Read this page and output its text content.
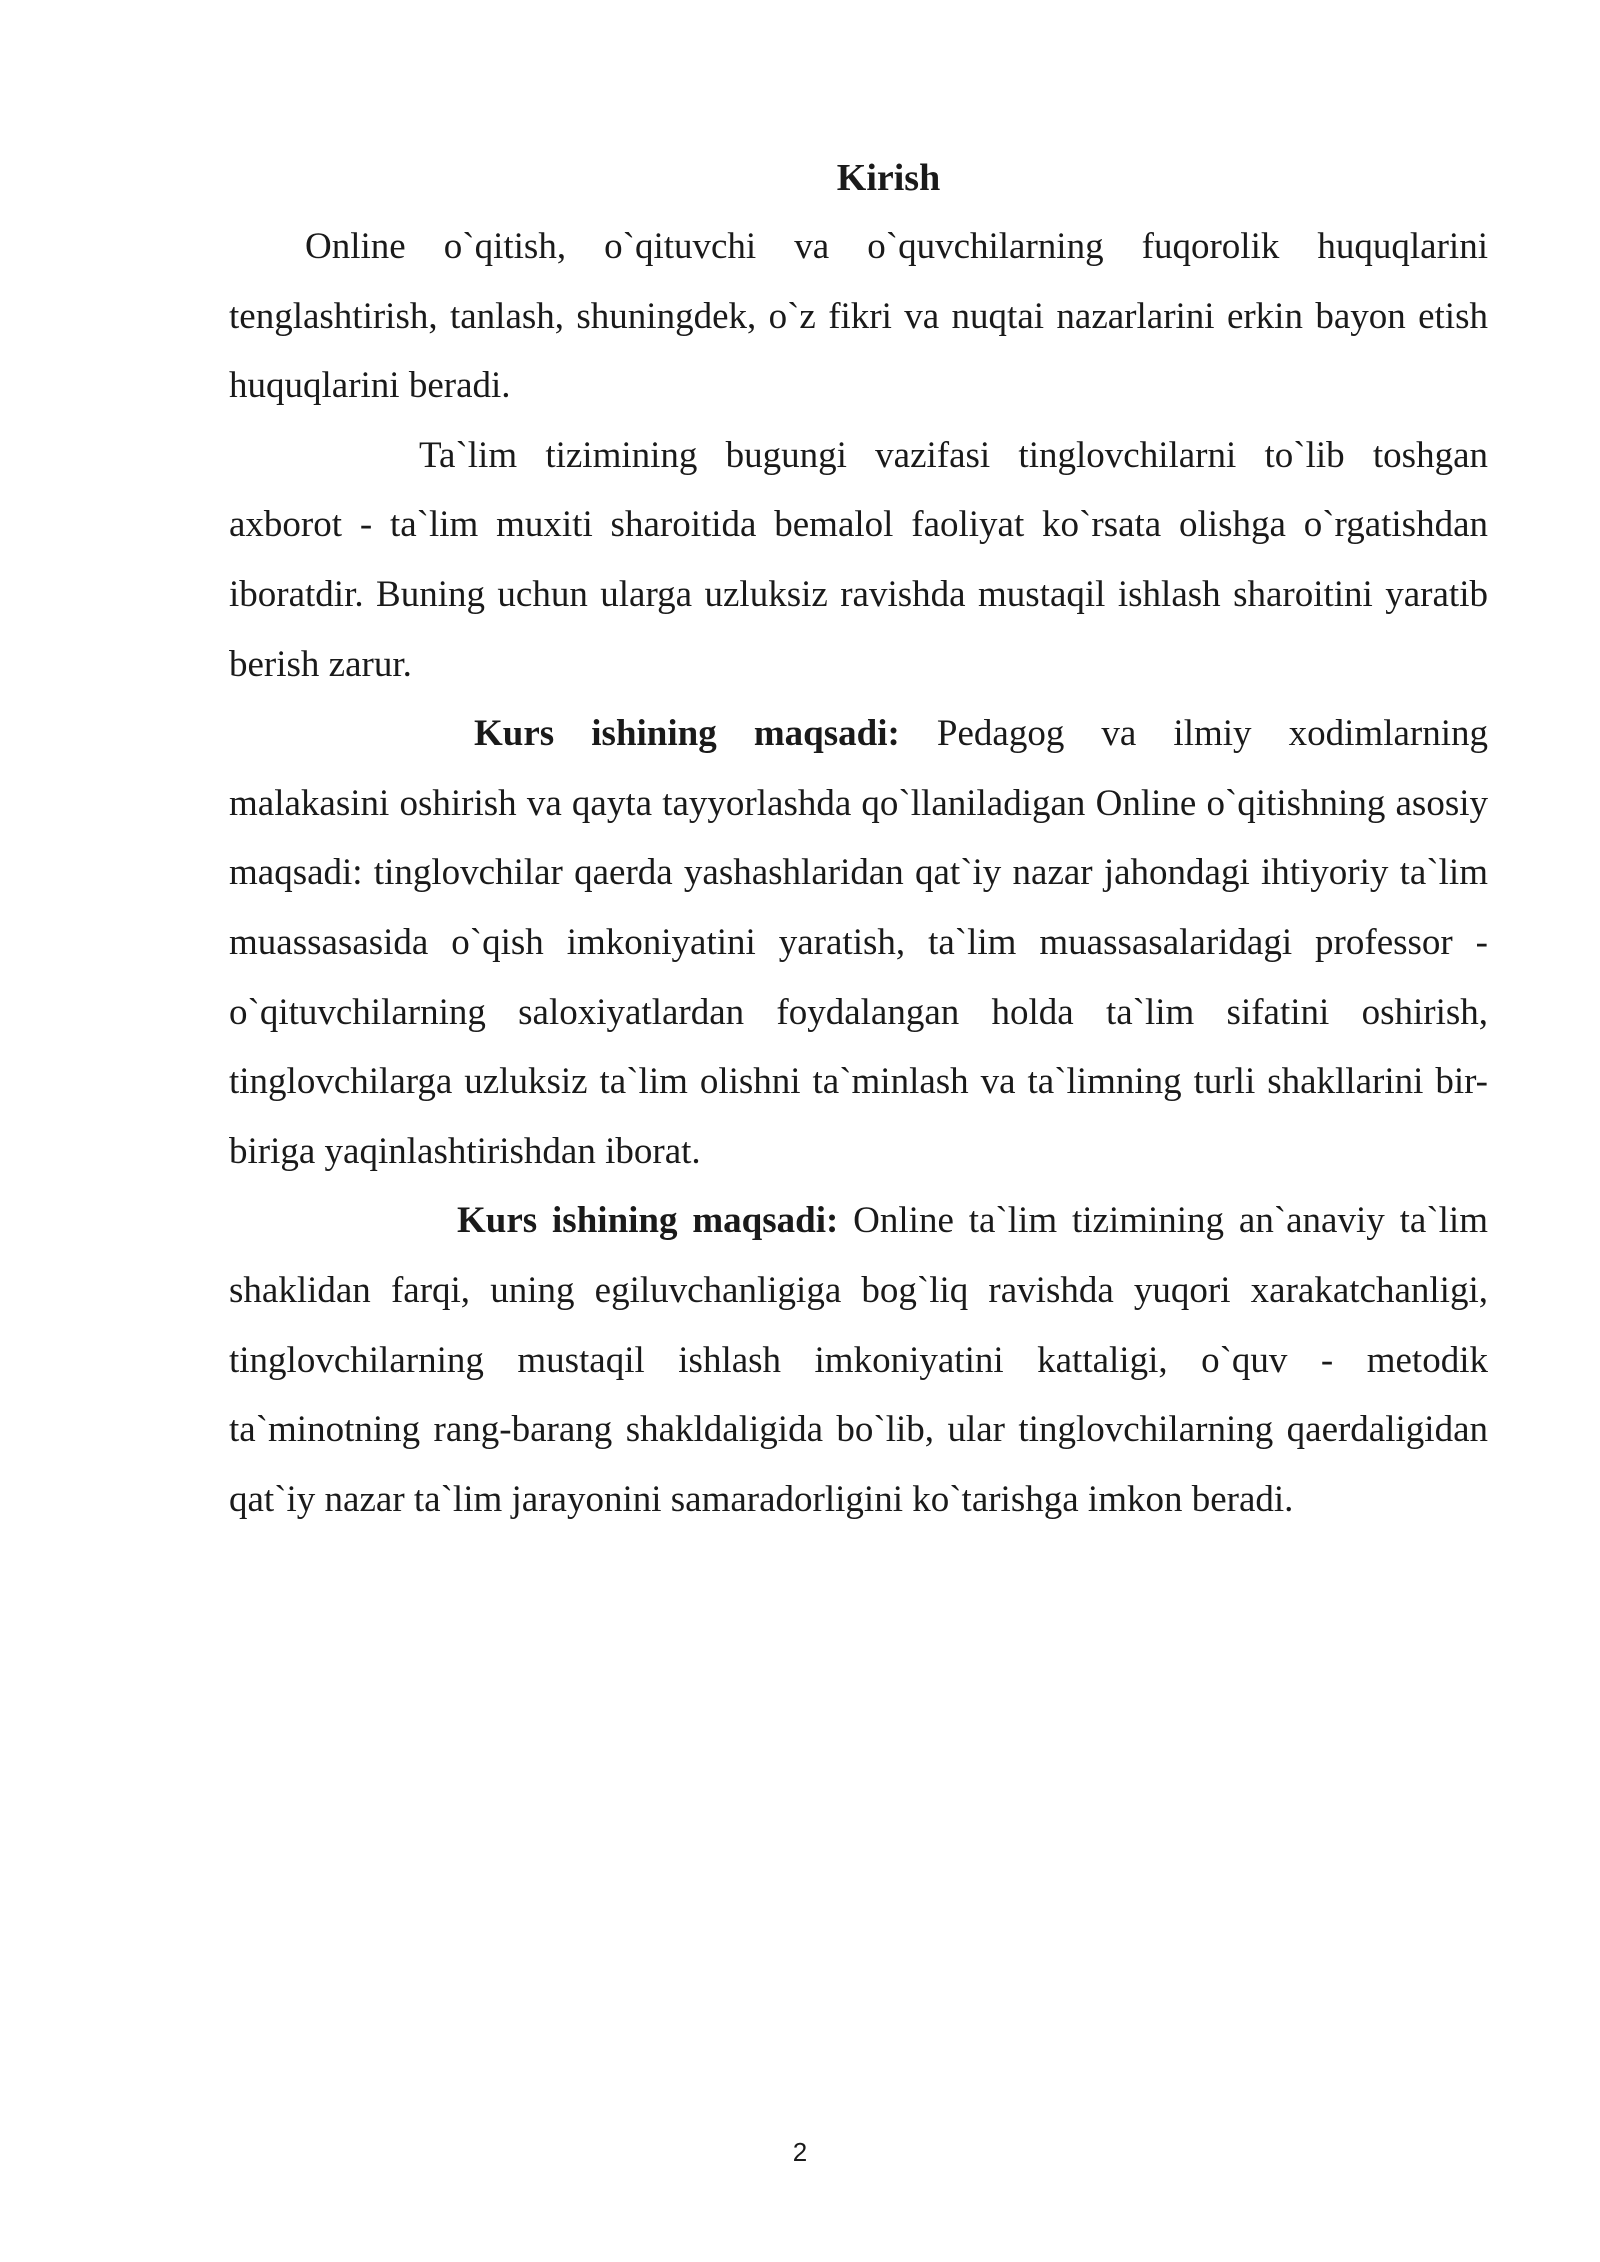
Kirish

Online o`qitish, o`qituvchi va o`quvchilarning fuqorolik huquqlarini tenglashtirish, tanlash, shuningdek, o`z fikri va nuqtai nazarlarini erkin bayon etish huquqlarini beradi.

Ta`lim tizimining bugungi vazifasi tinglovchilarni to`lib toshgan axborot - ta`lim muxiti sharoitida bemalol faoliyat ko`rsata olishga o`rgatishdan iboratdir. Buning uchun ularga uzluksiz ravishda mustaqil ishlash sharoitini yaratib berish zarur.

Kurs ishining maqsadi: Pedagog va ilmiy xodimlarning malakasini oshirish va qayta tayyorlashda qo`llaniladigan Online o`qitishning asosiy maqsadi: tinglovchilar qaerda yashashlaridan qat`iy nazar jahondagi ihtiyoriy ta`lim muassasasida o`qish imkoniyatini yaratish, ta`lim muassasalaridagi professor - o`qituvchilarning saloxiyatlardan foydalangan holda ta`lim sifatini oshirish, tinglovchilarga uzluksiz ta`lim olishni ta`minlash va ta`limning turli shakllarini bir-biriga yaqinlashtirishdan iborat.

Kurs ishining maqsadi: Online ta`lim tizimining an`anaviy ta`lim shaklidan farqi, uning egiluvchanligiga bog`liq ravishda yuqori xarakatchanligi, tinglovchilarning mustaqil ishlash imkoniyatini kattaligi, o`quv - metodik ta`minotning rang-barang shakldaligida bo`lib, ular tinglovchilarning qaerdaligidan qat`iy nazar ta`lim jarayonini samaradorligini ko`tarishga imkon beradi.

2
